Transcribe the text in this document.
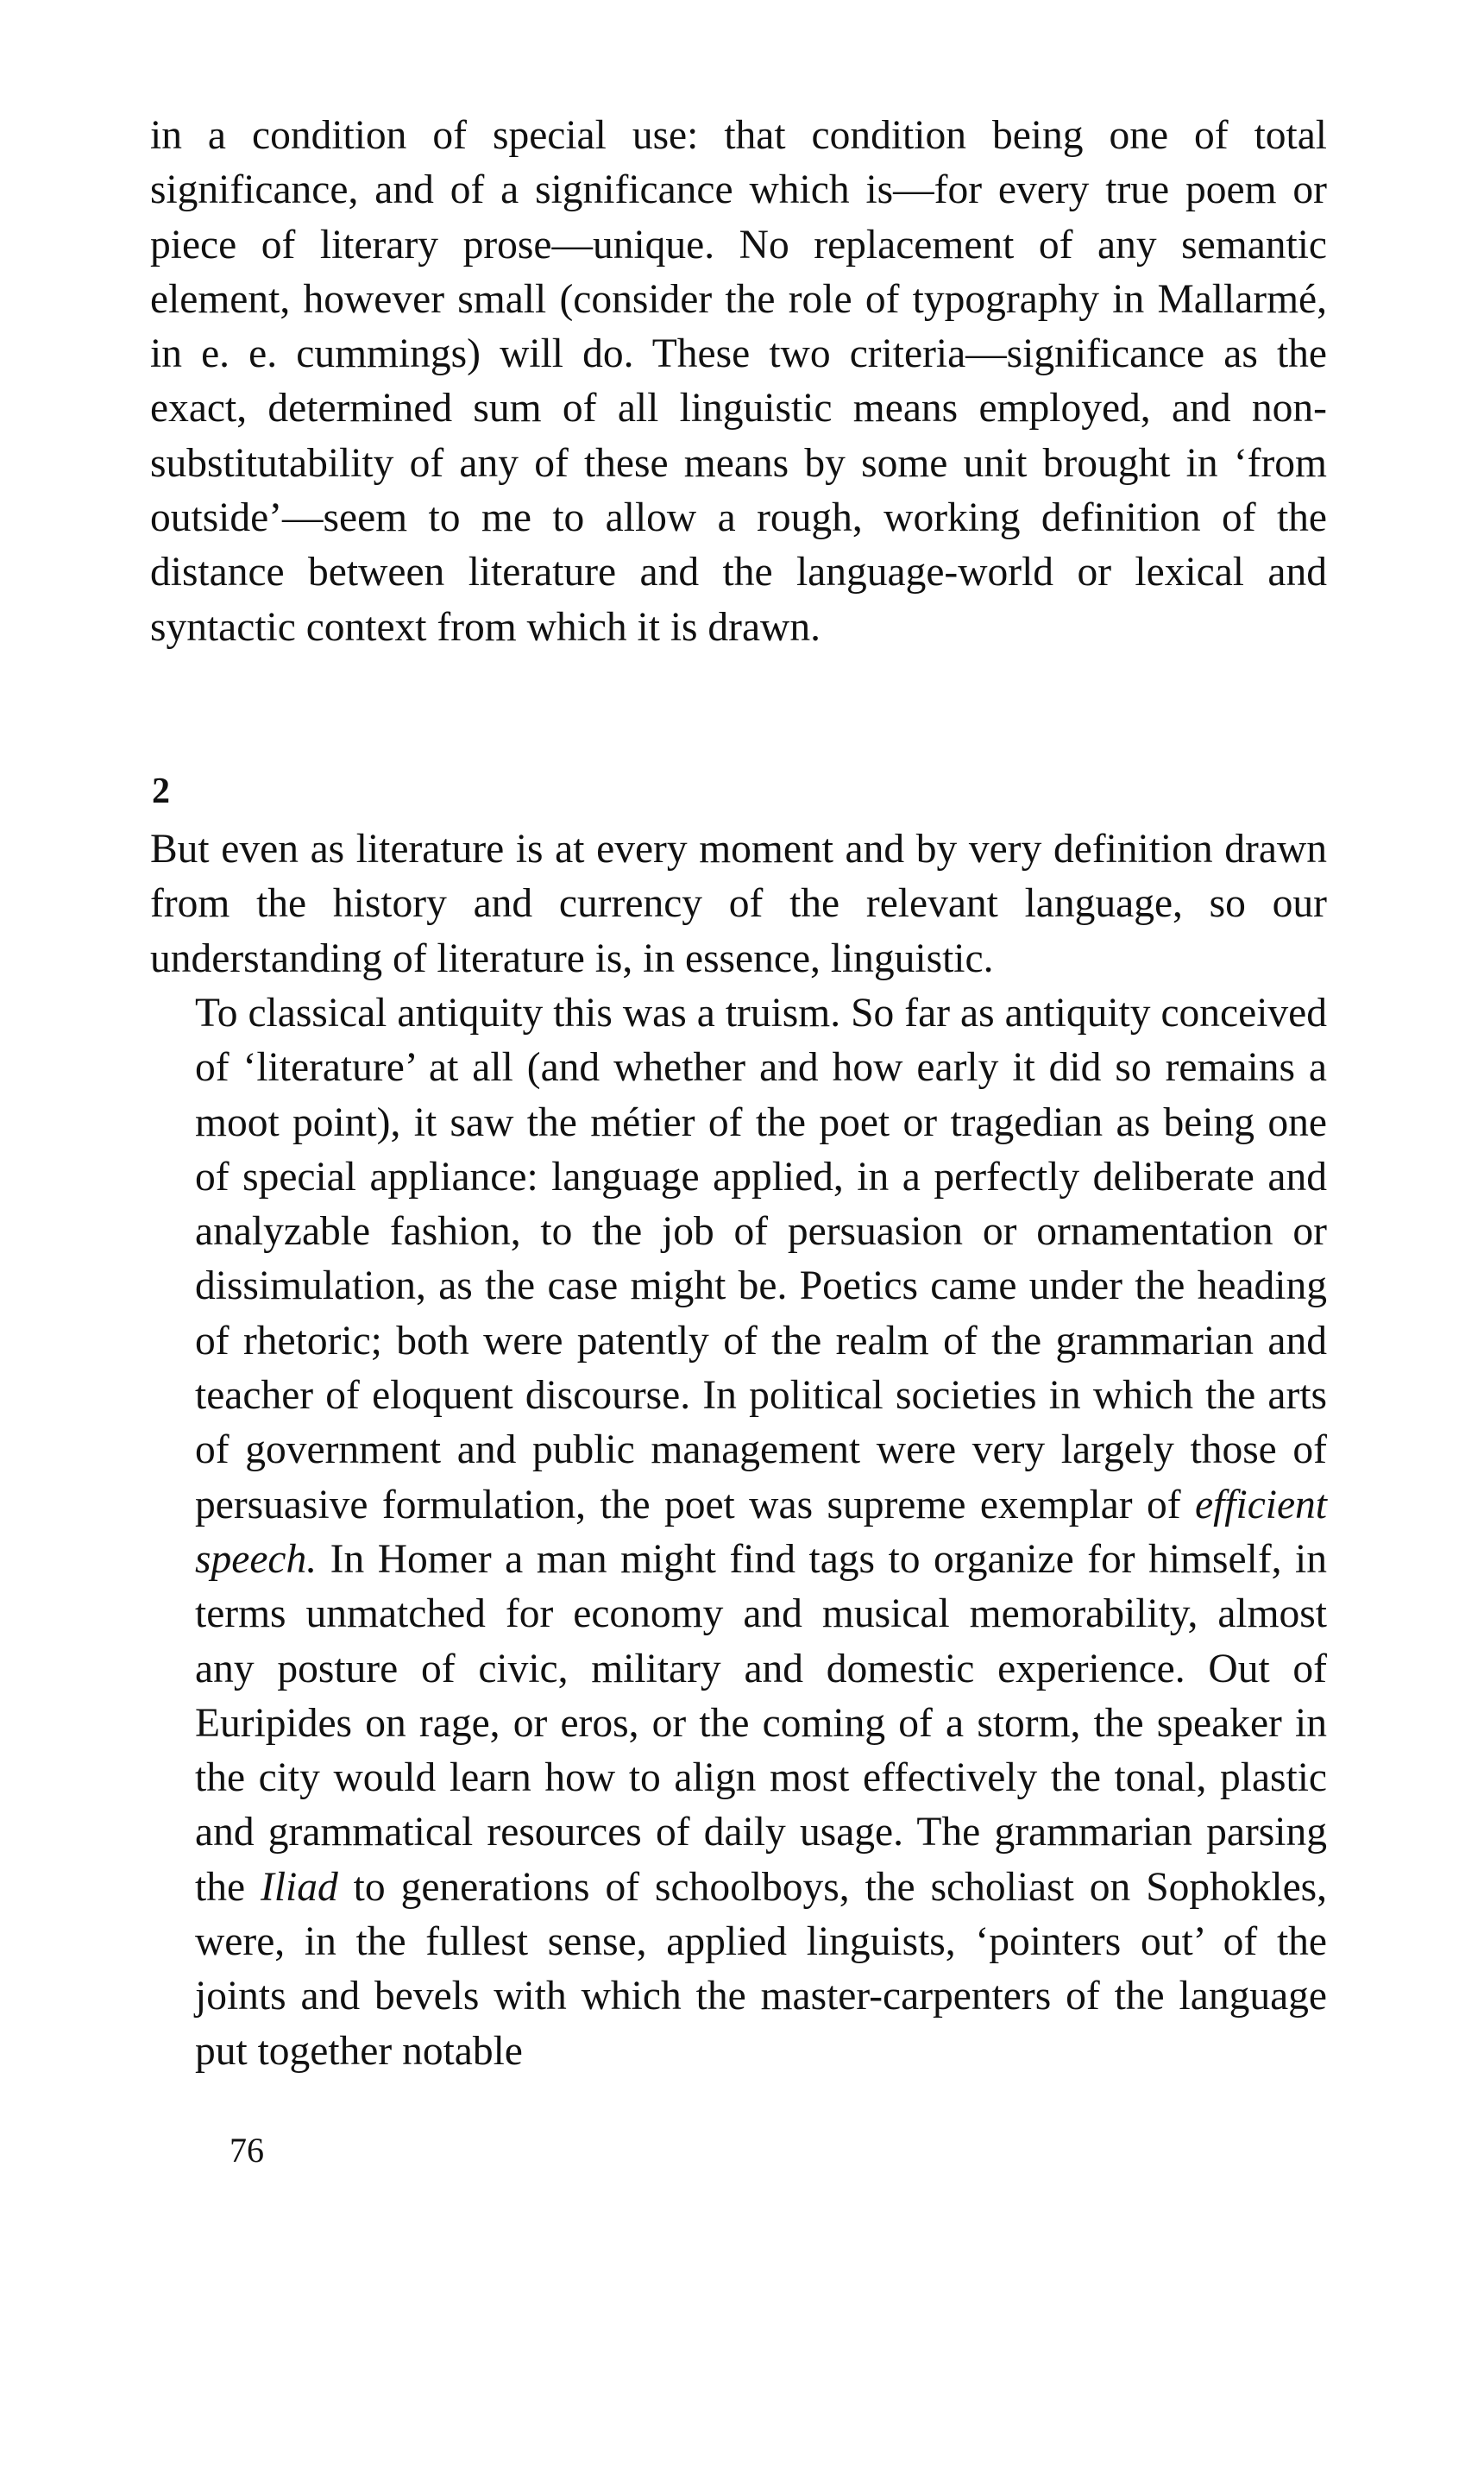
in a condition of special use: that condition being one of total significance, and of a significance which is—for every true poem or piece of literary prose—unique. No replacement of any semantic element, however small (consider the role of typography in Mallarmé, in e. e. cummings) will do. These two criteria—significance as the exact, determined sum of all linguistic means employed, and non-substitutability of any of these means by some unit brought in ‘from outside’—seem to me to allow a rough, working definition of the distance between literature and the language-world or lexical and syntactic context from which it is drawn.

2

But even as literature is at every moment and by very definition drawn from the history and currency of the relevant language, so our understanding of literature is, in essence, linguistic.

To classical antiquity this was a truism. So far as antiquity conceived of ‘literature’ at all (and whether and how early it did so remains a moot point), it saw the métier of the poet or tragedian as being one of special appliance: language applied, in a perfectly deliberate and analyzable fashion, to the job of persuasion or ornamentation or dissimulation, as the case might be. Poetics came under the heading of rhetoric; both were patently of the realm of the grammarian and teacher of eloquent discourse. In political societies in which the arts of government and public management were very largely those of persuasive formulation, the poet was supreme exemplar of efficient speech. In Homer a man might find tags to organize for himself, in terms unmatched for economy and musical memorability, almost any posture of civic, military and domestic experience. Out of Euripides on rage, or eros, or the coming of a storm, the speaker in the city would learn how to align most effectively the tonal, plastic and grammatical resources of daily usage. The grammarian parsing the Iliad to generations of schoolboys, the scholiast on Sophokles, were, in the fullest sense, applied linguists, ‘pointers out’ of the joints and bevels with which the master-carpenters of the language put together notable

76
